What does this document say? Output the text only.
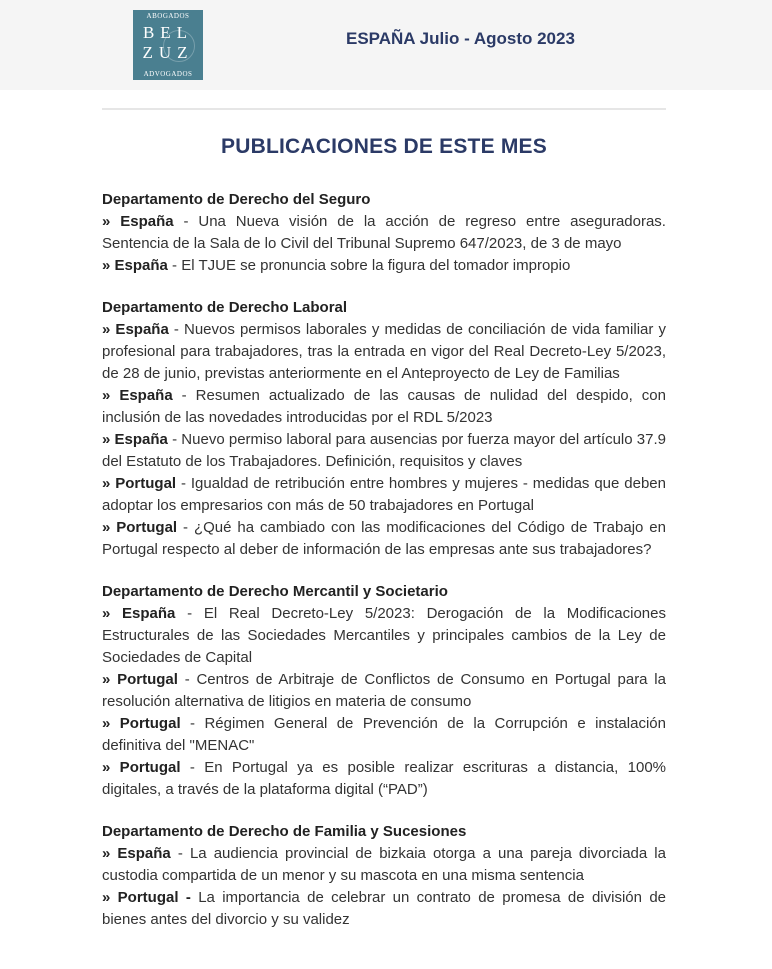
ABOGADOS
BEL
ZUZ
ADVOGADOS
ESPAÑA Julio - Agosto 2023
PUBLICACIONES DE ESTE MES
Departamento de Derecho del Seguro
» España - Una Nueva visión de la acción de regreso entre aseguradoras. Sentencia de la Sala de lo Civil del Tribunal Supremo 647/2023, de 3 de mayo
» España - El TJUE se pronuncia sobre la figura del tomador impropio
Departamento de Derecho Laboral
» España - Nuevos permisos laborales y medidas de conciliación de vida familiar y profesional para trabajadores, tras la entrada en vigor del Real Decreto-Ley 5/2023, de 28 de junio, previstas anteriormente en el Anteproyecto de Ley de Familias
» España - Resumen actualizado de las causas de nulidad del despido, con inclusión de las novedades introducidas por el RDL 5/2023
» España - Nuevo permiso laboral para ausencias por fuerza mayor del artículo 37.9 del Estatuto de los Trabajadores. Definición, requisitos y claves
» Portugal - Igualdad de retribución entre hombres y mujeres - medidas que deben adoptar los empresarios con más de 50 trabajadores en Portugal
» Portugal - ¿Qué ha cambiado con las modificaciones del Código de Trabajo en Portugal respecto al deber de información de las empresas ante sus trabajadores?
Departamento de Derecho Mercantil y Societario
» España - El Real Decreto-Ley 5/2023: Derogación de la Modificaciones Estructurales de las Sociedades Mercantiles y principales cambios de la Ley de Sociedades de Capital
» Portugal - Centros de Arbitraje de Conflictos de Consumo en Portugal para la resolución alternativa de litigios en materia de consumo
» Portugal - Régimen General de Prevención de la Corrupción e instalación definitiva del "MENAC"
» Portugal - En Portugal ya es posible realizar escrituras a distancia, 100% digitales, a través de la plataforma digital (“PAD”)
Departamento de Derecho de Familia y Sucesiones
» España - La audiencia provincial de bizkaia otorga a una pareja divorciada la custodia compartida de un menor y su mascota en una misma sentencia
» Portugal - La importancia de celebrar un contrato de promesa de división de bienes antes del divorcio y su validez
